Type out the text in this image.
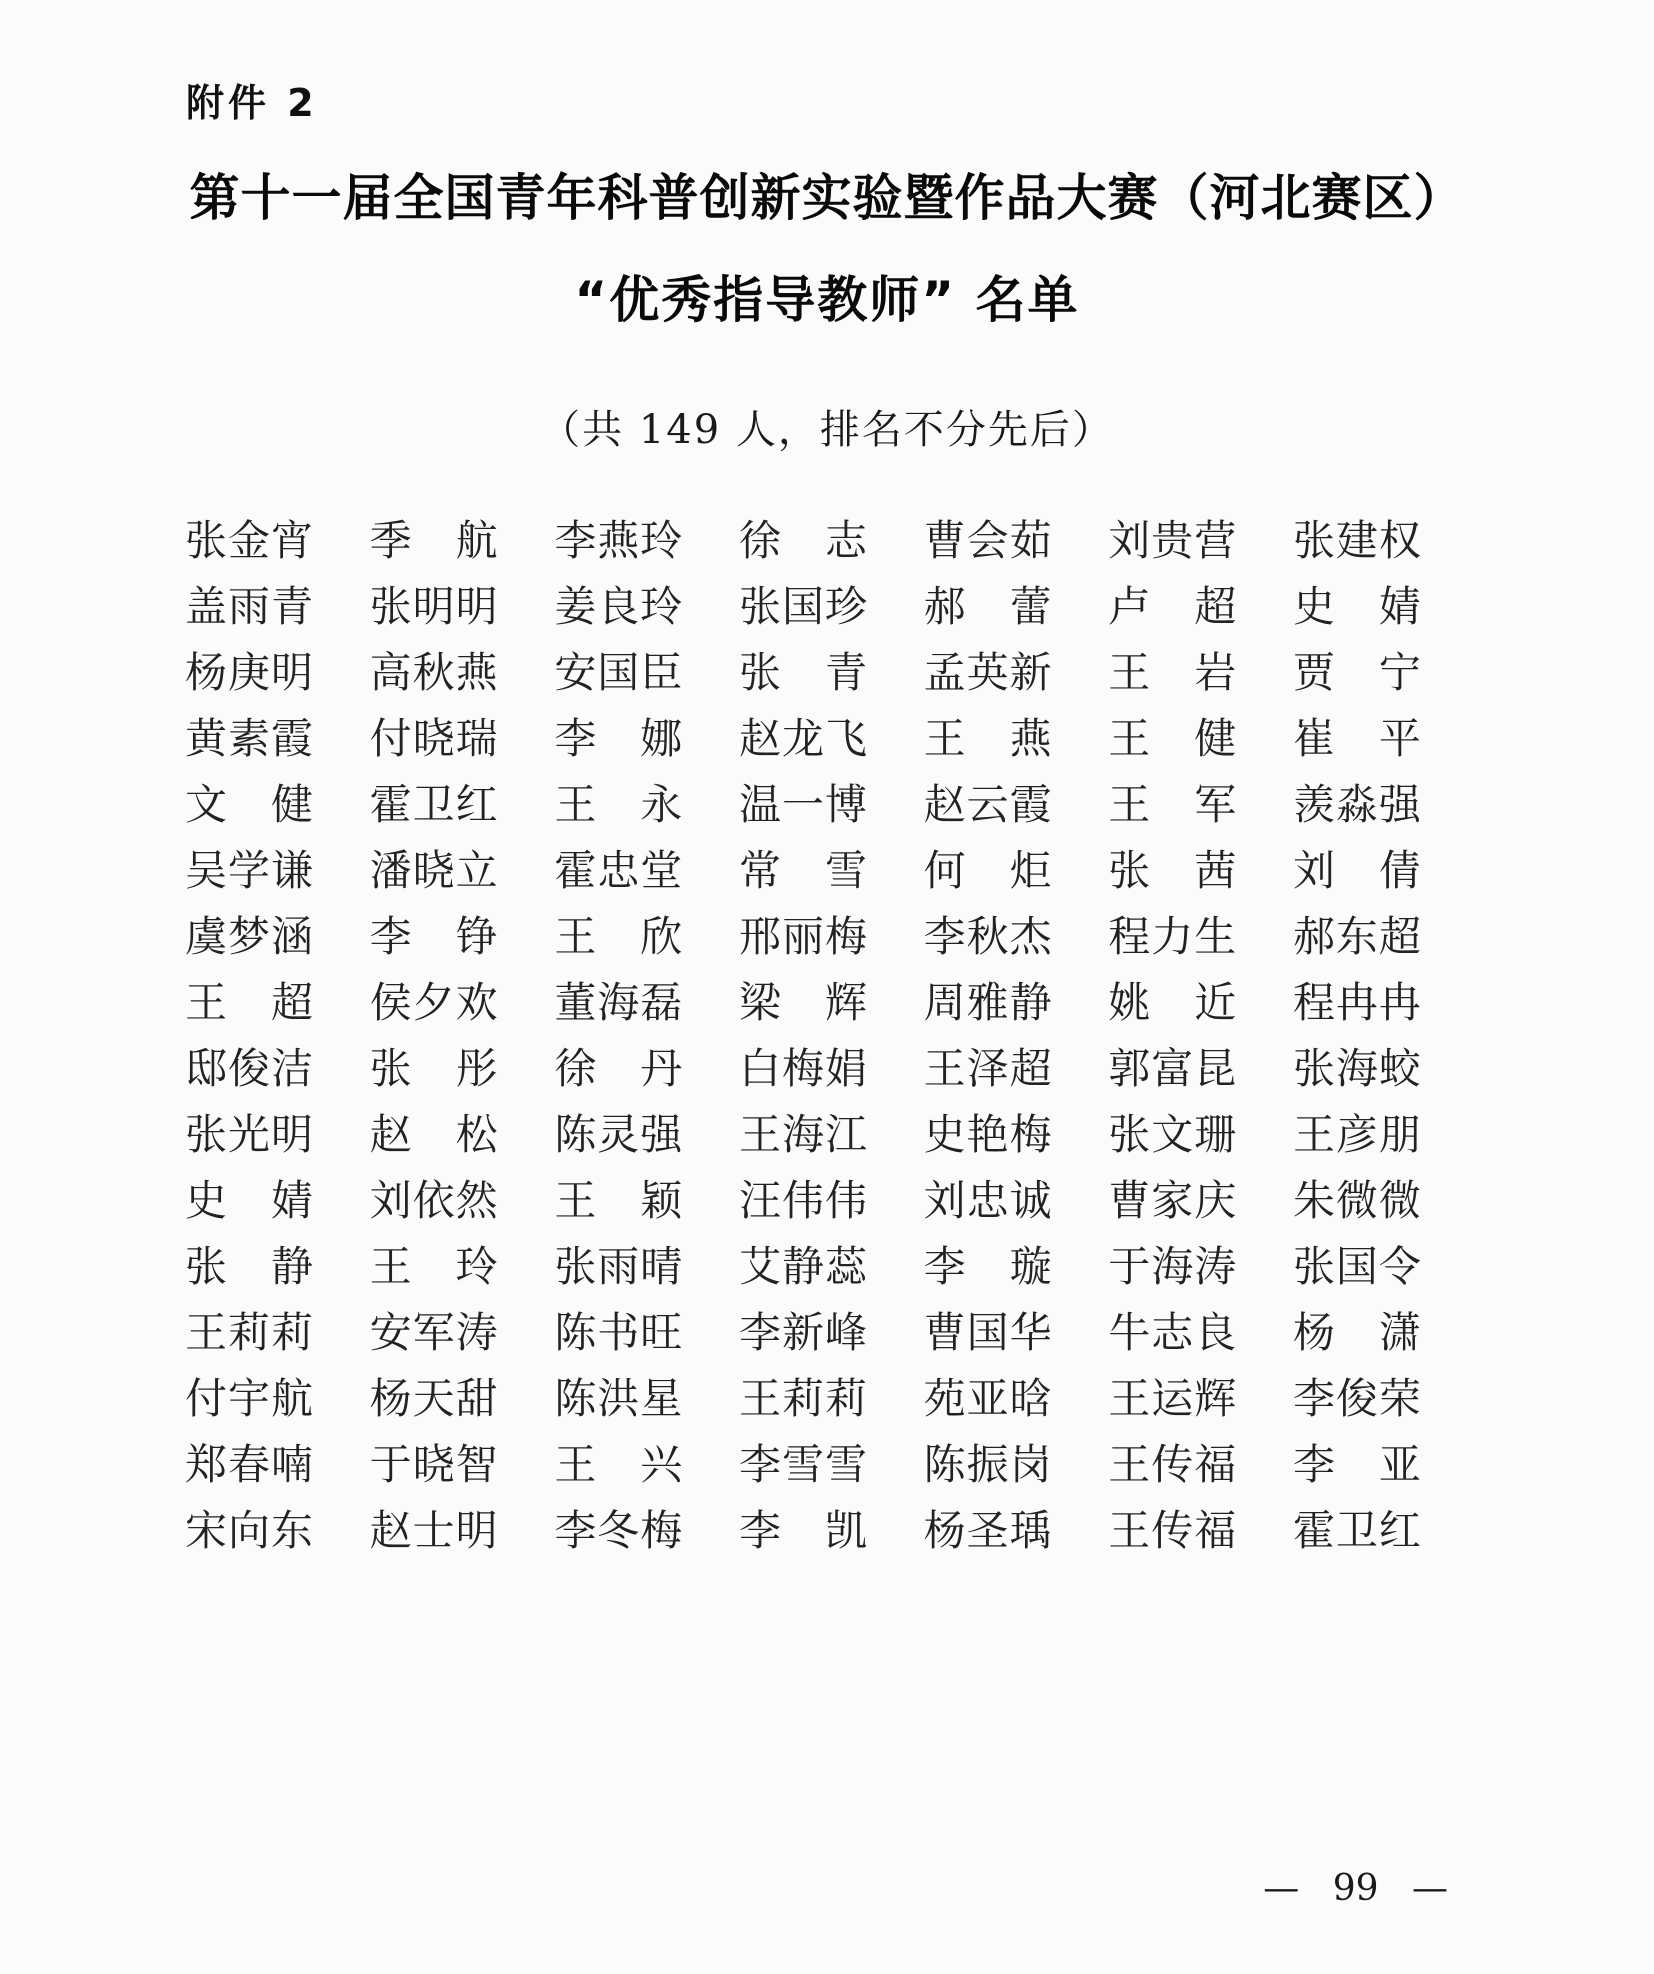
附件 2
第十一届全国青年科普创新实验暨作品大赛（河北赛区）
“优秀指导教师” 名单
（共 149 人，排名不分先后）
张 金 宵 季 航 李 燕 玲 徐 志 曹 会 茹 刘 贵 营 张 建 权
盖 雨 青 张 明 明 姜 良 玲 张 国 珍 郝 蕾 卢 超 史 婧
杨 庚 明 高 秋 燕 安 国 臣 张 青 孟 英 新 王 岩 贾 宁
黄 素 霞 付 晓 瑞 李 娜 赵 龙 飞 王 燕 王 健 崔 平
文 健 霍 卫 红 王 永 温 一 博 赵 云 霞 王 军 羡 淼 强
吴 学 谦 潘 晓 立 霍 忠 堂 常 雪 何 炬 张 茜 刘 倩
虞 梦 涵 李 铮 王 欣 邢 丽 梅 李 秋 杰 程 力 生 郝 东 超
王 超 侯 夕 欢 董 海 磊 梁 辉 周 雅 静 姚 近 程 冉 冉
邸 俊 洁 张 彤 徐 丹 白 梅 娟 王 泽 超 郭 富 昆 张 海 蛟
张 光 明 赵 松 陈 灵 强 王 海 江 史 艳 梅 张 文 珊 王 彦 朋
史 婧 刘 依 然 王 颖 汪 伟 伟 刘 忠 诚 曹 家 庆 朱 微 微
张 静 王 玲 张 雨 晴 艾 静 蕊 李 璇 于 海 涛 张 国 令
王 莉 莉 安 军 涛 陈 书 旺 李 新 峰 曹 国 华 牛 志 良 杨 潇
付 宇 航 杨 天 甜 陈 洪 星 王 莉 莉 苑 亚 晗 王 运 辉 李 俊 荣
郑 春 喃 于 晓 智 王 兴 李 雪 雪 陈 振 岗 王 传 福 李 亚
宋 向 东 赵 士 明 李 冬 梅 李 凯 杨 圣 瑀 王 传 福 霍 卫 红
— 99 —
